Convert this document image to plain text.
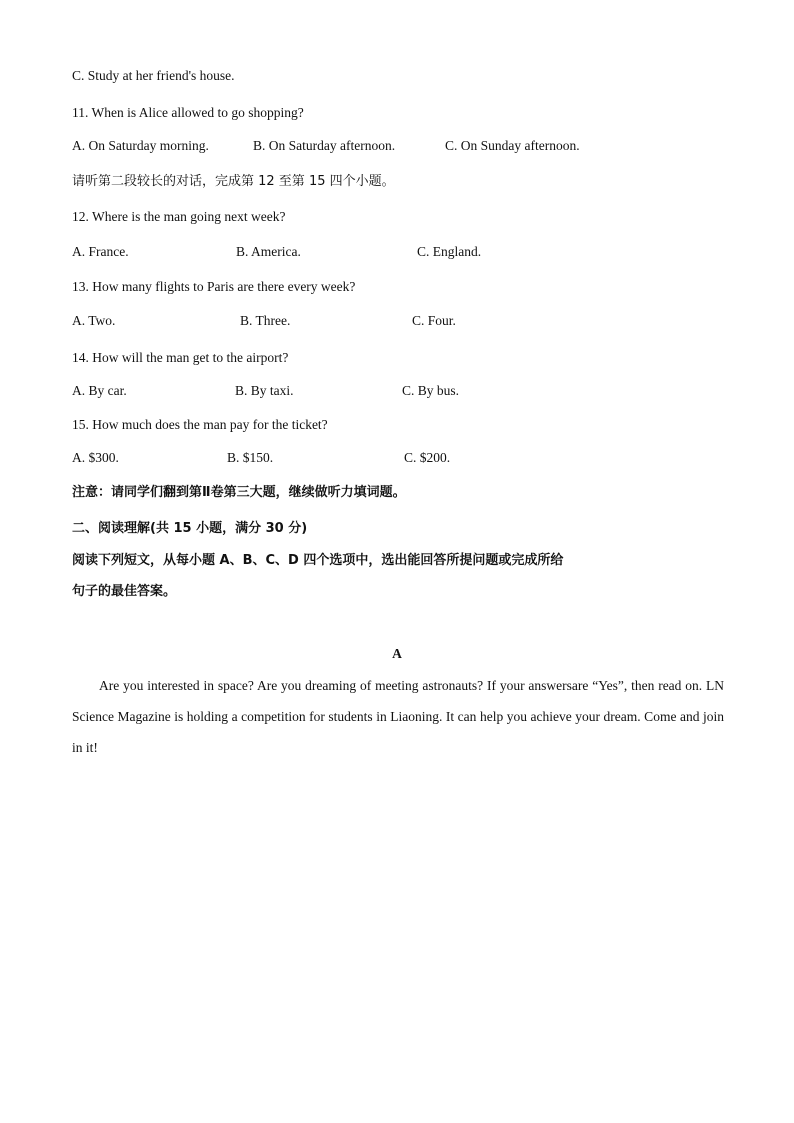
C. Study at her friend's house.
11. When is Alice allowed to go shopping?
A. On Saturday morning.	B. On Saturday afternoon.	C. On Sunday afternoon.
请听第二段较长的对话，完成第 12 至第 15 四个小题。
12. Where is the man going next week?
A. France.	B. America.	C. England.
13. How many flights to Paris are there every week?
A. Two.	B. Three.	C. Four.
14. How will the man get to the airport?
A. By car.	B. By taxi.	C. By bus.
15. How much does the man pay for the ticket?
A. $300.	B. $150.	C. $200.
注意：请同学们翻到第Ⅱ卷第三大题，继续做听力填词题。
二、阅读理解(共 15 小题，满分 30 分)
阅读下列短文，从每小题 A、B、C、D 四个选项中，选出能回答所提问题或完成所给
句子的最佳答案。
A
Are you interested in space? Are you dreaming of meeting astronauts? If your answersare “Yes”, then read on. LN Science Magazine is holding a competition for students in Liaoning. It can help you achieve your dream. Come and join in it!
